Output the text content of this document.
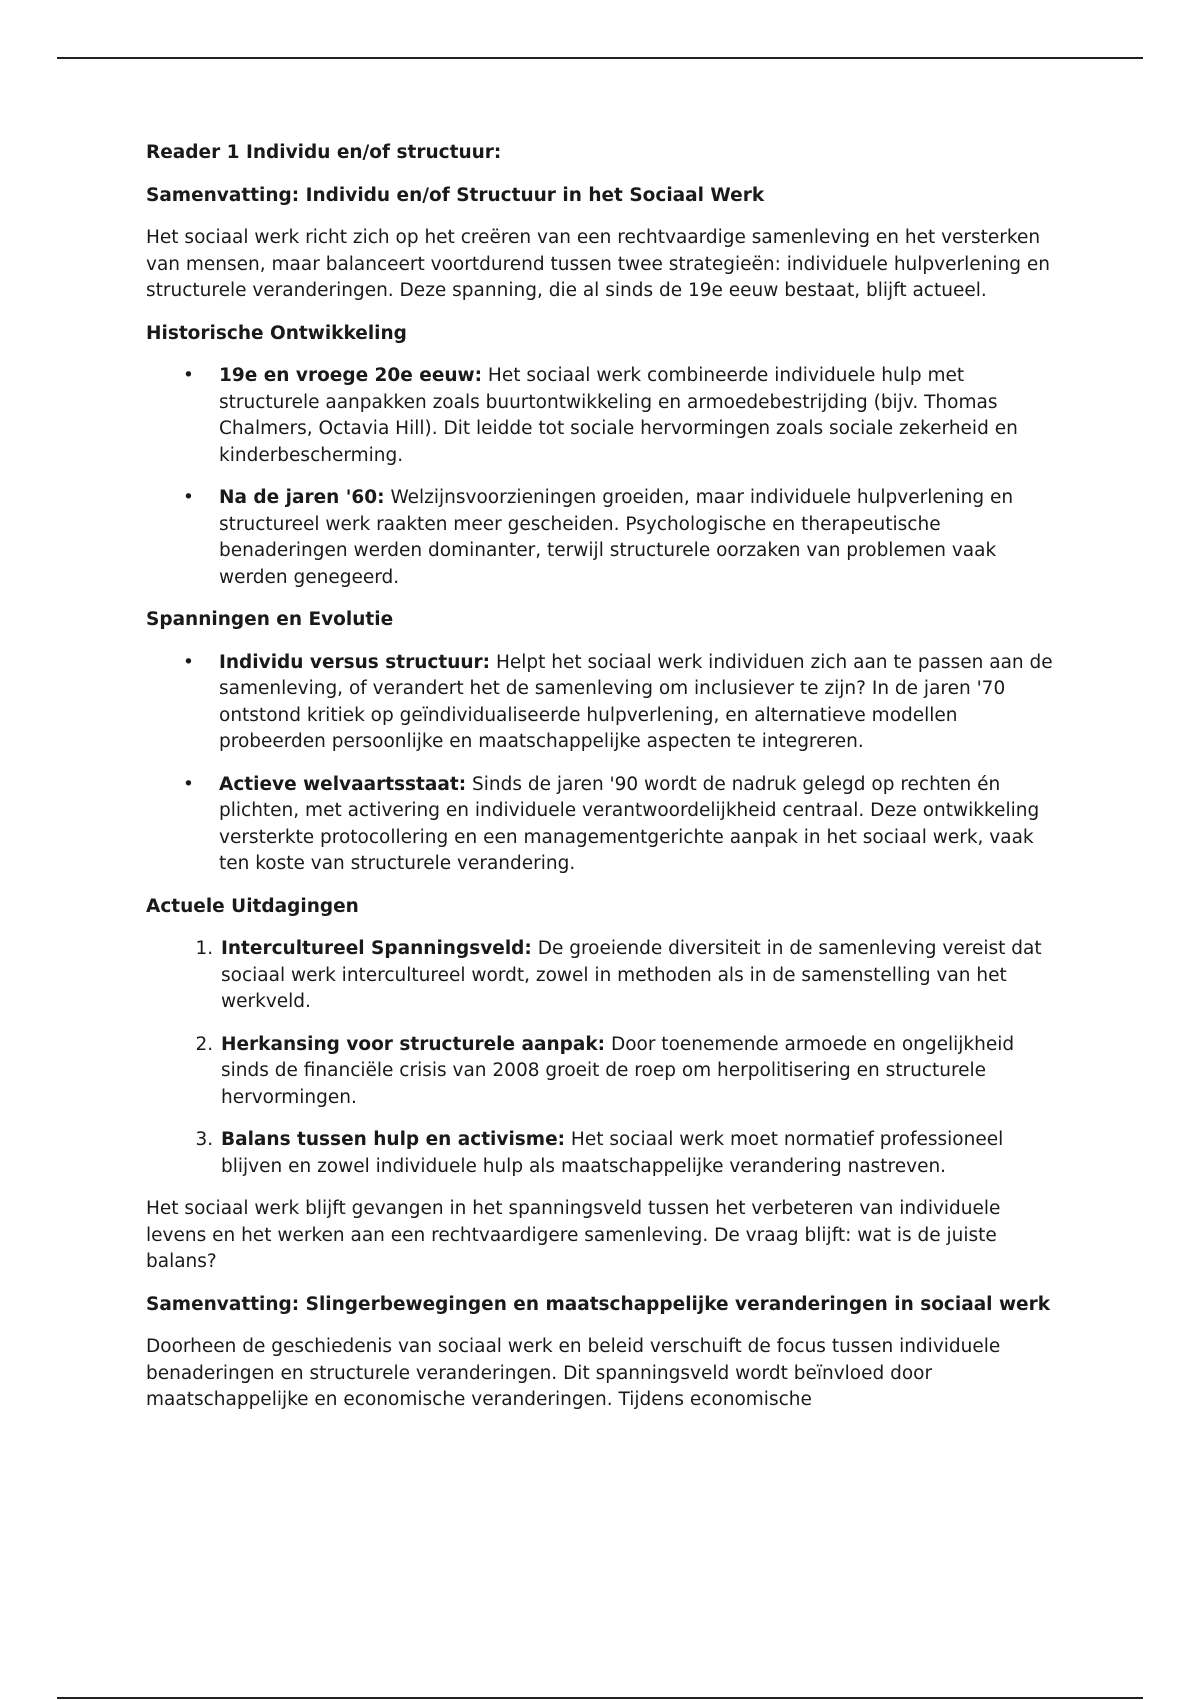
Reader 1 Individu en/of structuur:
Samenvatting: Individu en/of Structuur in het Sociaal Werk

Het sociaal werk richt zich op het creëren van een rechtvaardige samenleving en het versterken van mensen, maar balanceert voortdurend tussen twee strategieën: individuele hulpverlening en structurele veranderingen. Deze spanning, die al sinds de 19e eeuw bestaat, blijft actueel.

Historische Ontwikkeling
• 19e en vroege 20e eeuw: Het sociaal werk combineerde individuele hulp met structurele aanpakken zoals buurtontwikkeling en armoedebestrijding (bijv. Thomas Chalmers, Octavia Hill). Dit leidde tot sociale hervormingen zoals sociale zekerheid en kinderbescherming.
• Na de jaren '60: Welzijnsvoorzieningen groeiden, maar individuele hulpverlening en structureel werk raakten meer gescheiden. Psychologische en therapeutische benaderingen werden dominanter, terwijl structurele oorzaken van problemen vaak werden genegeerd.
Spanningen en Evolutie
• Individu versus structuur: Helpt het sociaal werk individuen zich aan te passen aan de samenleving, of verandert het de samenleving om inclusiever te zijn? In de jaren '70 ontstond kritiek op geïndividualiseerde hulpverlening, en alternatieve modellen probeerden persoonlijke en maatschappelijke aspecten te integreren.
• Actieve welvaartsstaat: Sinds de jaren '90 wordt de nadruk gelegd op rechten én plichten, met activering en individuele verantwoordelijkheid centraal. Deze ontwikkeling versterkte protocollering en een managementgerichte aanpak in het sociaal werk, vaak ten koste van structurele verandering.
Actuele Uitdagingen
1. Intercultureel Spanningsveld: De groeiende diversiteit in de samenleving vereist dat sociaal werk intercultureel wordt, zowel in methoden als in de samenstelling van het werkveld.
2. Herkansing voor structurele aanpak: Door toenemende armoede en ongelijkheid sinds de financiële crisis van 2008 groeit de roep om herpolitisering en structurele hervormingen.
3. Balans tussen hulp en activisme: Het sociaal werk moet normatief professioneel blijven en zowel individuele hulp als maatschappelijke verandering nastreven.

Het sociaal werk blijft gevangen in het spanningsveld tussen het verbeteren van individuele levens en het werken aan een rechtvaardigere samenleving. De vraag blijft: wat is de juiste balans?

Samenvatting: Slingerbewegingen en maatschappelijke veranderingen in sociaal werk

Doorheen de geschiedenis van sociaal werk en beleid verschuift de focus tussen individuele benaderingen en structurele veranderingen. Dit spanningsveld wordt beïnvloed door maatschappelijke en economische veranderingen. Tijdens economische
